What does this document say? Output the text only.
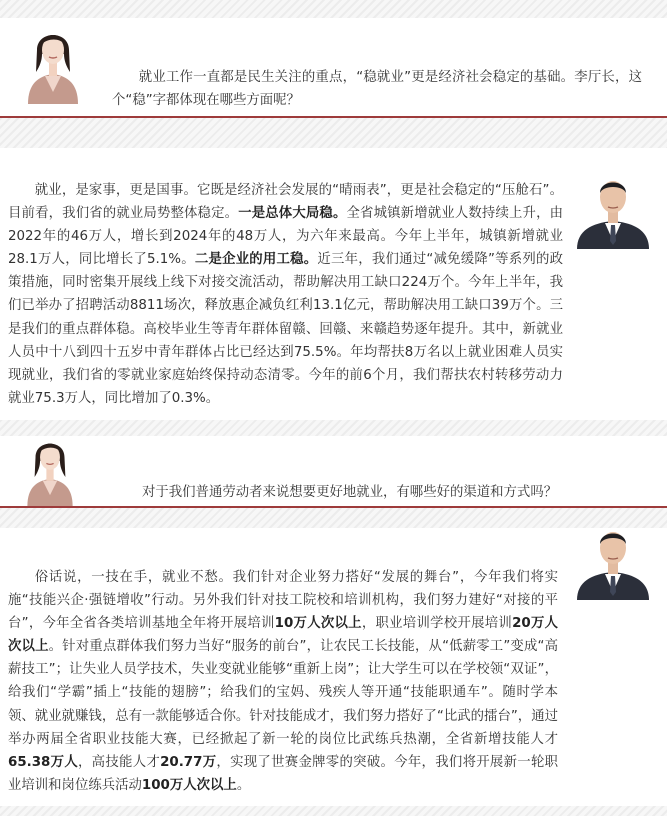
就业工作一直都是民生关注的重点，“稳就业”更是经济社会稳定的基础。李厅长，这个“稳”字都体现在哪些方面呢？

就业，是家事，更是国事。它既是经济社会发展的“晴雨表”，更是社会稳定的“压舱石”。目前看，我们省的就业局势整体稳定。一是总体大局稳。全省城镇新增就业人数持续上升，由2022年的46万人，增长到2024年的48万人，为六年来最高。今年上半年，城镇新增就业28.1万人，同比增长了5.1%。二是企业的用工稳。近三年，我们通过“减免缓降”等系列的政策措施，同时密集开展线上线下对接交流活动，帮助解决用工缺口224万个。今年上半年，我们已举办了招聘活动8811场次，释放惠企减负红利13.1亿元，帮助解决用工缺口39万个。三是我们的重点群体稳。高校毕业生等青年群体留赣、回赣、来赣趋势逐年提升。其中，新就业人员中十八到四十五岁中青年群体占比已经达到75.5%。年均帮扶8万名以上就业困难人员实现就业，我们省的零就业家庭始终保持动态清零。今年的前6个月，我们帮扶农村转移劳动力就业75.3万人，同比增加了0.3%。

对于我们普通劳动者来说想要更好地就业，有哪些好的渠道和方式吗？

俗话说，一技在手，就业不愁。我们针对企业努力搭好“发展的舞台”，今年我们将实施“技能兴企·强链增收”行动。另外我们针对技工院校和培训机构，我们努力建好“对接的平台”，今年全省各类培训基地全年将开展培训10万人次以上，职业培训学校开展培训20万人次以上。针对重点群体我们努力当好“服务的前台”，让农民工长技能，从“低薪零工”变成“高薪技工”；让失业人员学技术，失业变就业能够“重新上岗”；让大学生可以在学校领“双证”，给我们“学霸”插上“技能的翅膀”；给我们的宝妈、残疾人等开通“技能职通车”。随时学本领、就业就赚钱，总有一款能够适合你。针对技能成才，我们努力搭好了“比武的擂台”，通过举办两届全省职业技能大赛，已经掀起了新一轮的岗位比武练兵热潮，全省新增技能人才65.38万人，高技能人才20.77万，实现了世赛金牌零的突破。今年，我们将开展新一轮职业培训和岗位练兵活动100万人次以上。
